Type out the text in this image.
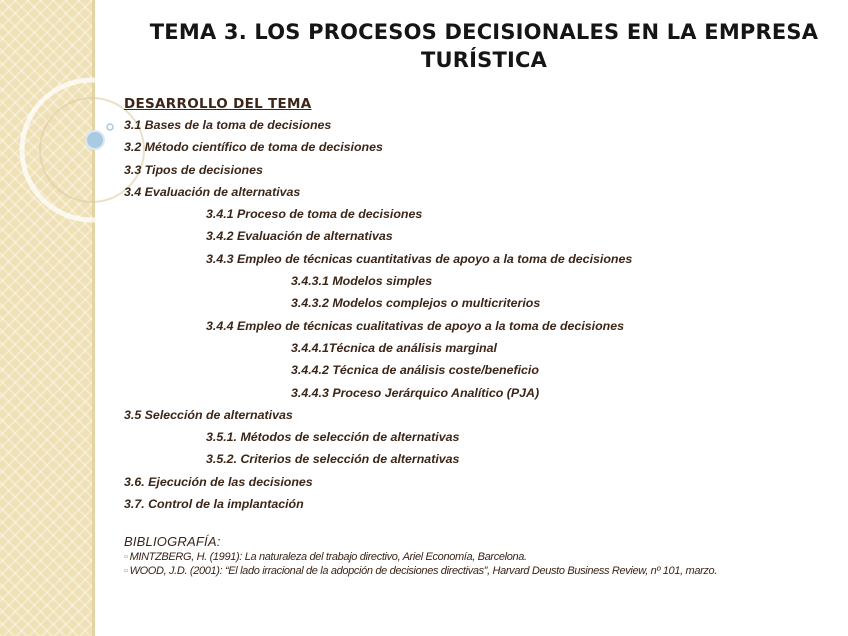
TEMA 3. LOS PROCESOS DECISIONALES EN LA EMPRESA
TURÍSTICA
DESARROLLO DEL TEMA
3.1 Bases de la toma de decisiones
3.2 Método científico de toma de decisiones
3.3 Tipos de decisiones
3.4 Evaluación de alternativas
3.4.1 Proceso de toma de decisiones
3.4.2 Evaluación de alternativas
3.4.3 Empleo de técnicas cuantitativas de apoyo a la toma de decisiones
3.4.3.1 Modelos simples
3.4.3.2 Modelos complejos o multicriterios
3.4.4 Empleo de técnicas cualitativas de apoyo a la toma de decisiones
3.4.4.1Técnica de análisis marginal
3.4.4.2 Técnica de análisis coste/beneficio
3.4.4.3 Proceso Jerárquico Analítico (PJA)
3.5 Selección de alternativas
3.5.1. Métodos de selección de alternativas
3.5.2. Criterios de selección de alternativas
3.6. Ejecución de las decisiones
3.7. Control de la implantación
BIBLIOGRAFÍA:
▫ MINTZBERG, H. (1991): La naturaleza del trabajo directivo, Ariel Economía, Barcelona.
▫ WOOD, J.D. (2001): “El lado irracional de la adopción de decisiones directivas”, Harvard Deusto Business Review, nº 101, marzo.
